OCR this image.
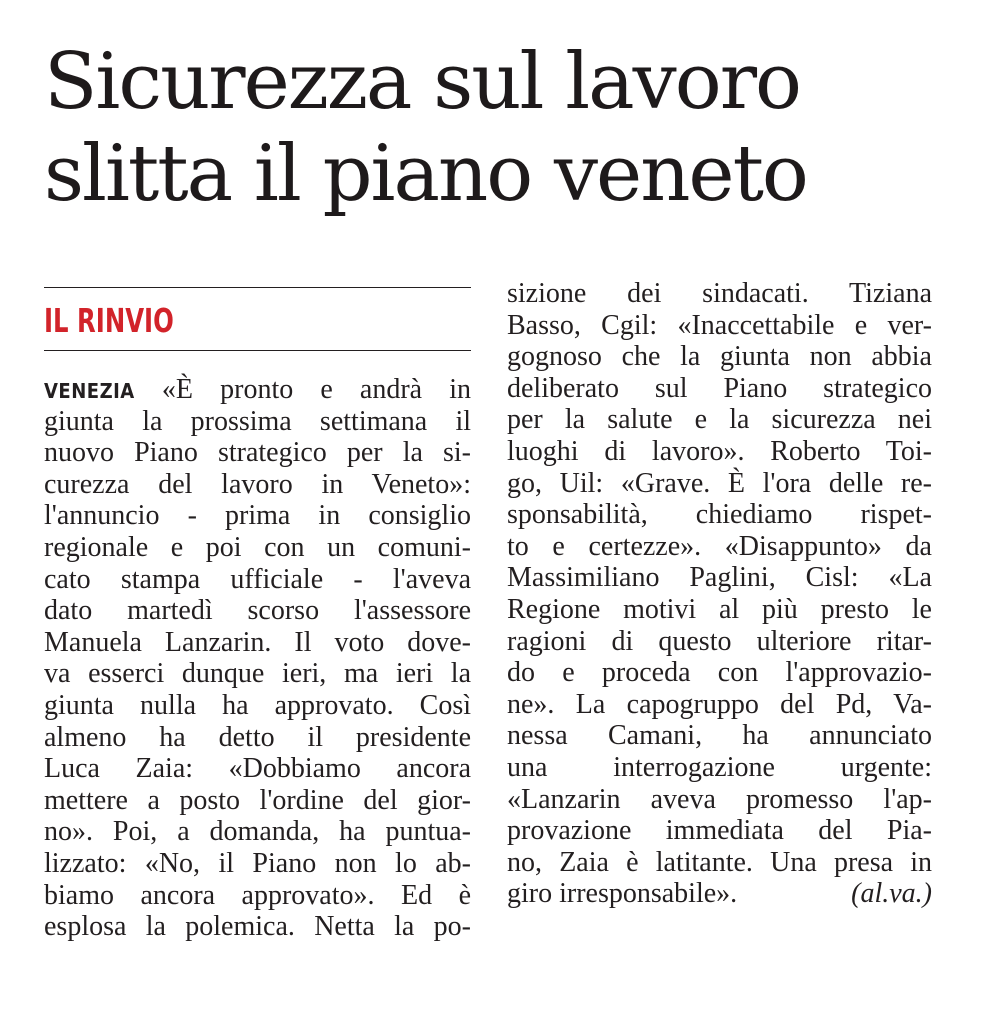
Sicurezza sul lavoro
slitta il piano veneto
IL RINVIO
VENEZIA «È pronto e andrà in
giunta la prossima settimana il
nuovo Piano strategico per la si-
curezza del lavoro in Veneto»:
l'annuncio - prima in consiglio
regionale e poi con un comuni-
cato stampa ufficiale - l'aveva
dato martedì scorso l'assessore
Manuela Lanzarin. Il voto dove-
va esserci dunque ieri, ma ieri la
giunta nulla ha approvato. Così
almeno ha detto il presidente
Luca Zaia: «Dobbiamo ancora
mettere a posto l'ordine del gior-
no». Poi, a domanda, ha puntua-
lizzato: «No, il Piano non lo ab-
biamo ancora approvato». Ed è
esplosa la polemica. Netta la po-
sizione dei sindacati. Tiziana
Basso, Cgil: «Inaccettabile e ver-
gognoso che la giunta non abbia
deliberato sul Piano strategico
per la salute e la sicurezza nei
luoghi di lavoro». Roberto Toi-
go, Uil: «Grave. È l'ora delle re-
sponsabilità, chiediamo rispet-
to e certezze». «Disappunto» da
Massimiliano Paglini, Cisl: «La
Regione motivi al più presto le
ragioni di questo ulteriore ritar-
do e proceda con l'approvazio-
ne». La capogruppo del Pd, Va-
nessa Camani, ha annunciato
una interrogazione urgente:
«Lanzarin aveva promesso l'ap-
provazione immediata del Pia-
no, Zaia è latitante. Una presa in
giro irresponsabile».	(al.va.)
